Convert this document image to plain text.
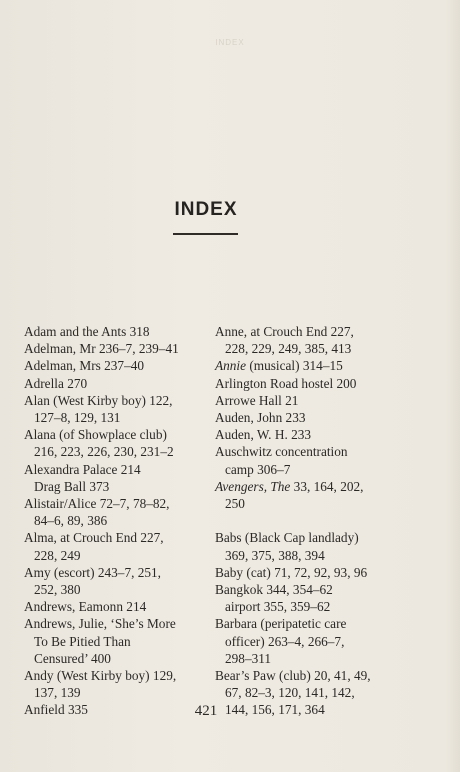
INDEX
INDEX

Adam and the Ants 318

Adelman, Mr 236–7, 239–41

Adelman, Mrs 237–40

Adrella 270

Alan (West Kirby boy) 122,
127–8, 129, 131

Alana (of Showplace club)
216, 223, 226, 230, 231–2

Alexandra Palace 214

Drag Ball 373

Alistair/Alice 72–7, 78–82,
84–6, 89, 386

Alma, at Crouch End 227,
228, 249

Amy (escort) 243–7, 251,
252, 380

Andrews, Eamonn 214

Andrews, Julie, ‘She’s More
To Be Pitied Than
Censured’ 400

Andy (West Kirby boy) 129,
137, 139

Anfield 335

Anne, at Crouch End 227,
228, 229, 249, 385, 413

Annie (musical) 314–15

Arlington Road hostel 200

Arrowe Hall 21

Auden, John 233

Auden, W. H. 233

Auschwitz concentration
camp 306–7

Avengers, The 33, 164, 202,
250

Babs (Black Cap landlady)
369, 375, 388, 394

Baby (cat) 71, 72, 92, 93, 96

Bangkok 344, 354–62

airport 355, 359–62

Barbara (peripatetic care
officer) 263–4, 266–7,
298–311

Bear’s Paw (club) 20, 41, 49,
67, 82–3, 120, 141, 142,
144, 156, 171, 364

421
